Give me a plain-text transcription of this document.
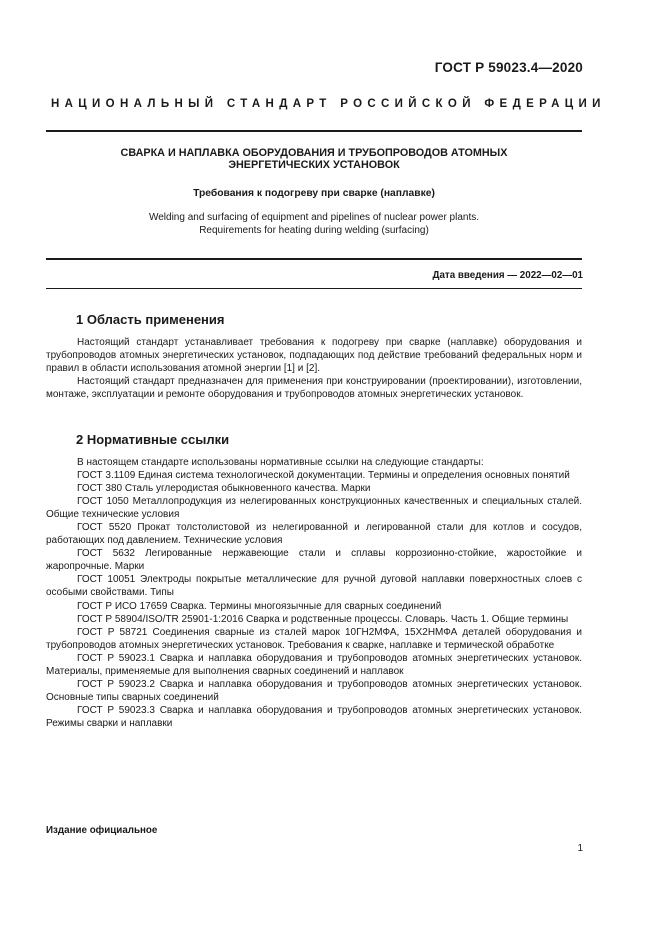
ГОСТ Р 59023.4—2020
НАЦИОНАЛЬНЫЙ СТАНДАРТ РОССИЙСКОЙ ФЕДЕРАЦИИ
СВАРКА И НАПЛАВКА ОБОРУДОВАНИЯ И ТРУБОПРОВОДОВ АТОМНЫХ
ЭНЕРГЕТИЧЕСКИХ УСТАНОВОК
Требования к подогреву при сварке (наплавке)
Welding and surfacing of equipment and pipelines of nuclear power plants.
Requirements for heating during welding (surfacing)
Дата введения — 2022—02—01
1 Область применения

Настоящий стандарт устанавливает требования к подогреву при сварке (наплавке) оборудования и трубопроводов атомных энергетических установок, подпадающих под действие требований федеральных норм и правил в области использования атомной энергии [1] и [2].

Настоящий стандарт предназначен для применения при конструировании (проектировании), изготовлении, монтаже, эксплуатации и ремонте оборудования и трубопроводов атомных энергетических установок.

2 Нормативные ссылки

В настоящем стандарте использованы нормативные ссылки на следующие стандарты:

ГОСТ 3.1109 Единая система технологической документации. Термины и определения основных понятий

ГОСТ 380 Сталь углеродистая обыкновенного качества. Марки

ГОСТ 1050 Металлопродукция из нелегированных конструкционных качественных и специальных сталей. Общие технические условия

ГОСТ 5520 Прокат толстолистовой из нелегированной и легированной стали для котлов и сосудов, работающих под давлением. Технические условия

ГОСТ 5632 Легированные нержавеющие стали и сплавы коррозионно-стойкие, жаростойкие и жаропрочные. Марки

ГОСТ 10051 Электроды покрытые металлические для ручной дуговой наплавки поверхностных слоев с особыми свойствами. Типы

ГОСТ Р ИСО 17659 Сварка. Термины многоязычные для сварных соединений

ГОСТ Р 58904/ISO/TR 25901-1:2016 Сварка и родственные процессы. Словарь. Часть 1. Общие термины

ГОСТ Р 58721 Соединения сварные из сталей марок 10ГН2МФА, 15Х2НМФА деталей оборудования и трубопроводов атомных энергетических установок. Требования к сварке, наплавке и термической обработке

ГОСТ Р 59023.1 Сварка и наплавка оборудования и трубопроводов атомных энергетических установок. Материалы, применяемые для выполнения сварных соединений и наплавок

ГОСТ Р 59023.2 Сварка и наплавка оборудования и трубопроводов атомных энергетических установок. Основные типы сварных соединений

ГОСТ Р 59023.3 Сварка и наплавка оборудования и трубопроводов атомных энергетических установок. Режимы сварки и наплавки

Издание официальное
1
